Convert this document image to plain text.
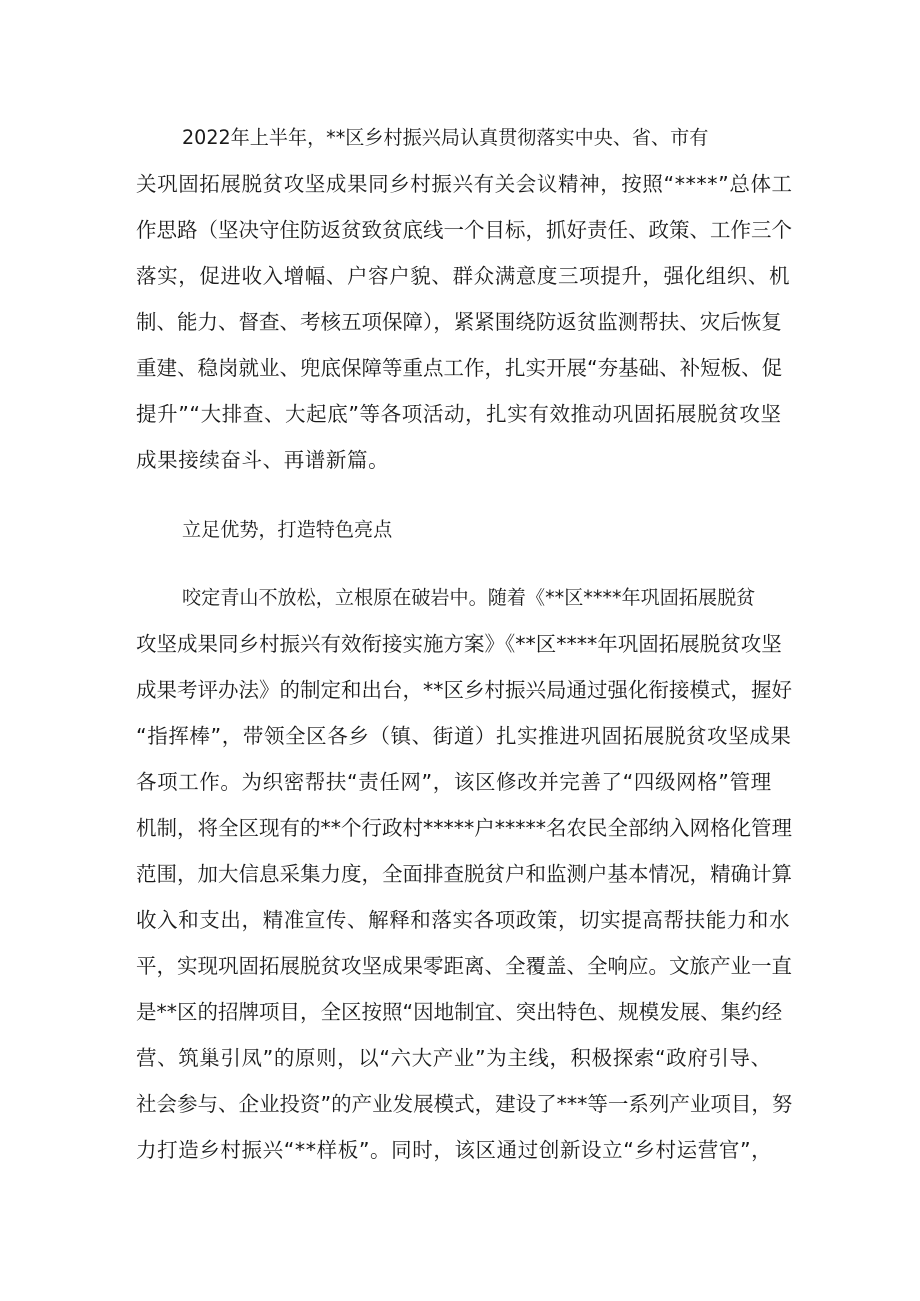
2022年上半年，**区乡村振兴局认真贯彻落实中央、省、市有
关巩固拓展脱贫攻坚成果同乡村振兴有关会议精神，按照“****”总体工
作思路（坚决守住防返贫致贫底线一个目标，抓好责任、政策、工作三个
落实，促进收入增幅、户容户貌、群众满意度三项提升，强化组织、机
制、能力、督查、考核五项保障），紧紧围绕防返贫监测帮扶、灾后恢复
重建、稳岗就业、兜底保障等重点工作，扎实开展“夯基础、补短板、促
提升”“大排查、大起底”等各项活动，扎实有效推动巩固拓展脱贫攻坚
成果接续奋斗、再谱新篇。
立足优势，打造特色亮点
咬定青山不放松，立根原在破岩中。随着《**区****年巩固拓展脱贫
攻坚成果同乡村振兴有效衔接实施方案》《**区****年巩固拓展脱贫攻坚
成果考评办法》的制定和出台，**区乡村振兴局通过强化衔接模式，握好
“指挥棒”，带领全区各乡（镇、街道）扎实推进巩固拓展脱贫攻坚成果
各项工作。为织密帮扶“责任网”，该区修改并完善了“四级网格”管理
机制，将全区现有的**个行政村*****户*****名农民全部纳入网格化管理
范围，加大信息采集力度，全面排查脱贫户和监测户基本情况，精确计算
收入和支出，精准宣传、解释和落实各项政策，切实提高帮扶能力和水
平，实现巩固拓展脱贫攻坚成果零距离、全覆盖、全响应。文旅产业一直
是**区的招牌项目，全区按照“因地制宜、突出特色、规模发展、集约经
营、筑巢引凤”的原则，以“六大产业”为主线，积极探索“政府引导、
社会参与、企业投资”的产业发展模式，建设了***等一系列产业项目，努
力打造乡村振兴“**样板”。同时，该区通过创新设立“乡村运营官”，
